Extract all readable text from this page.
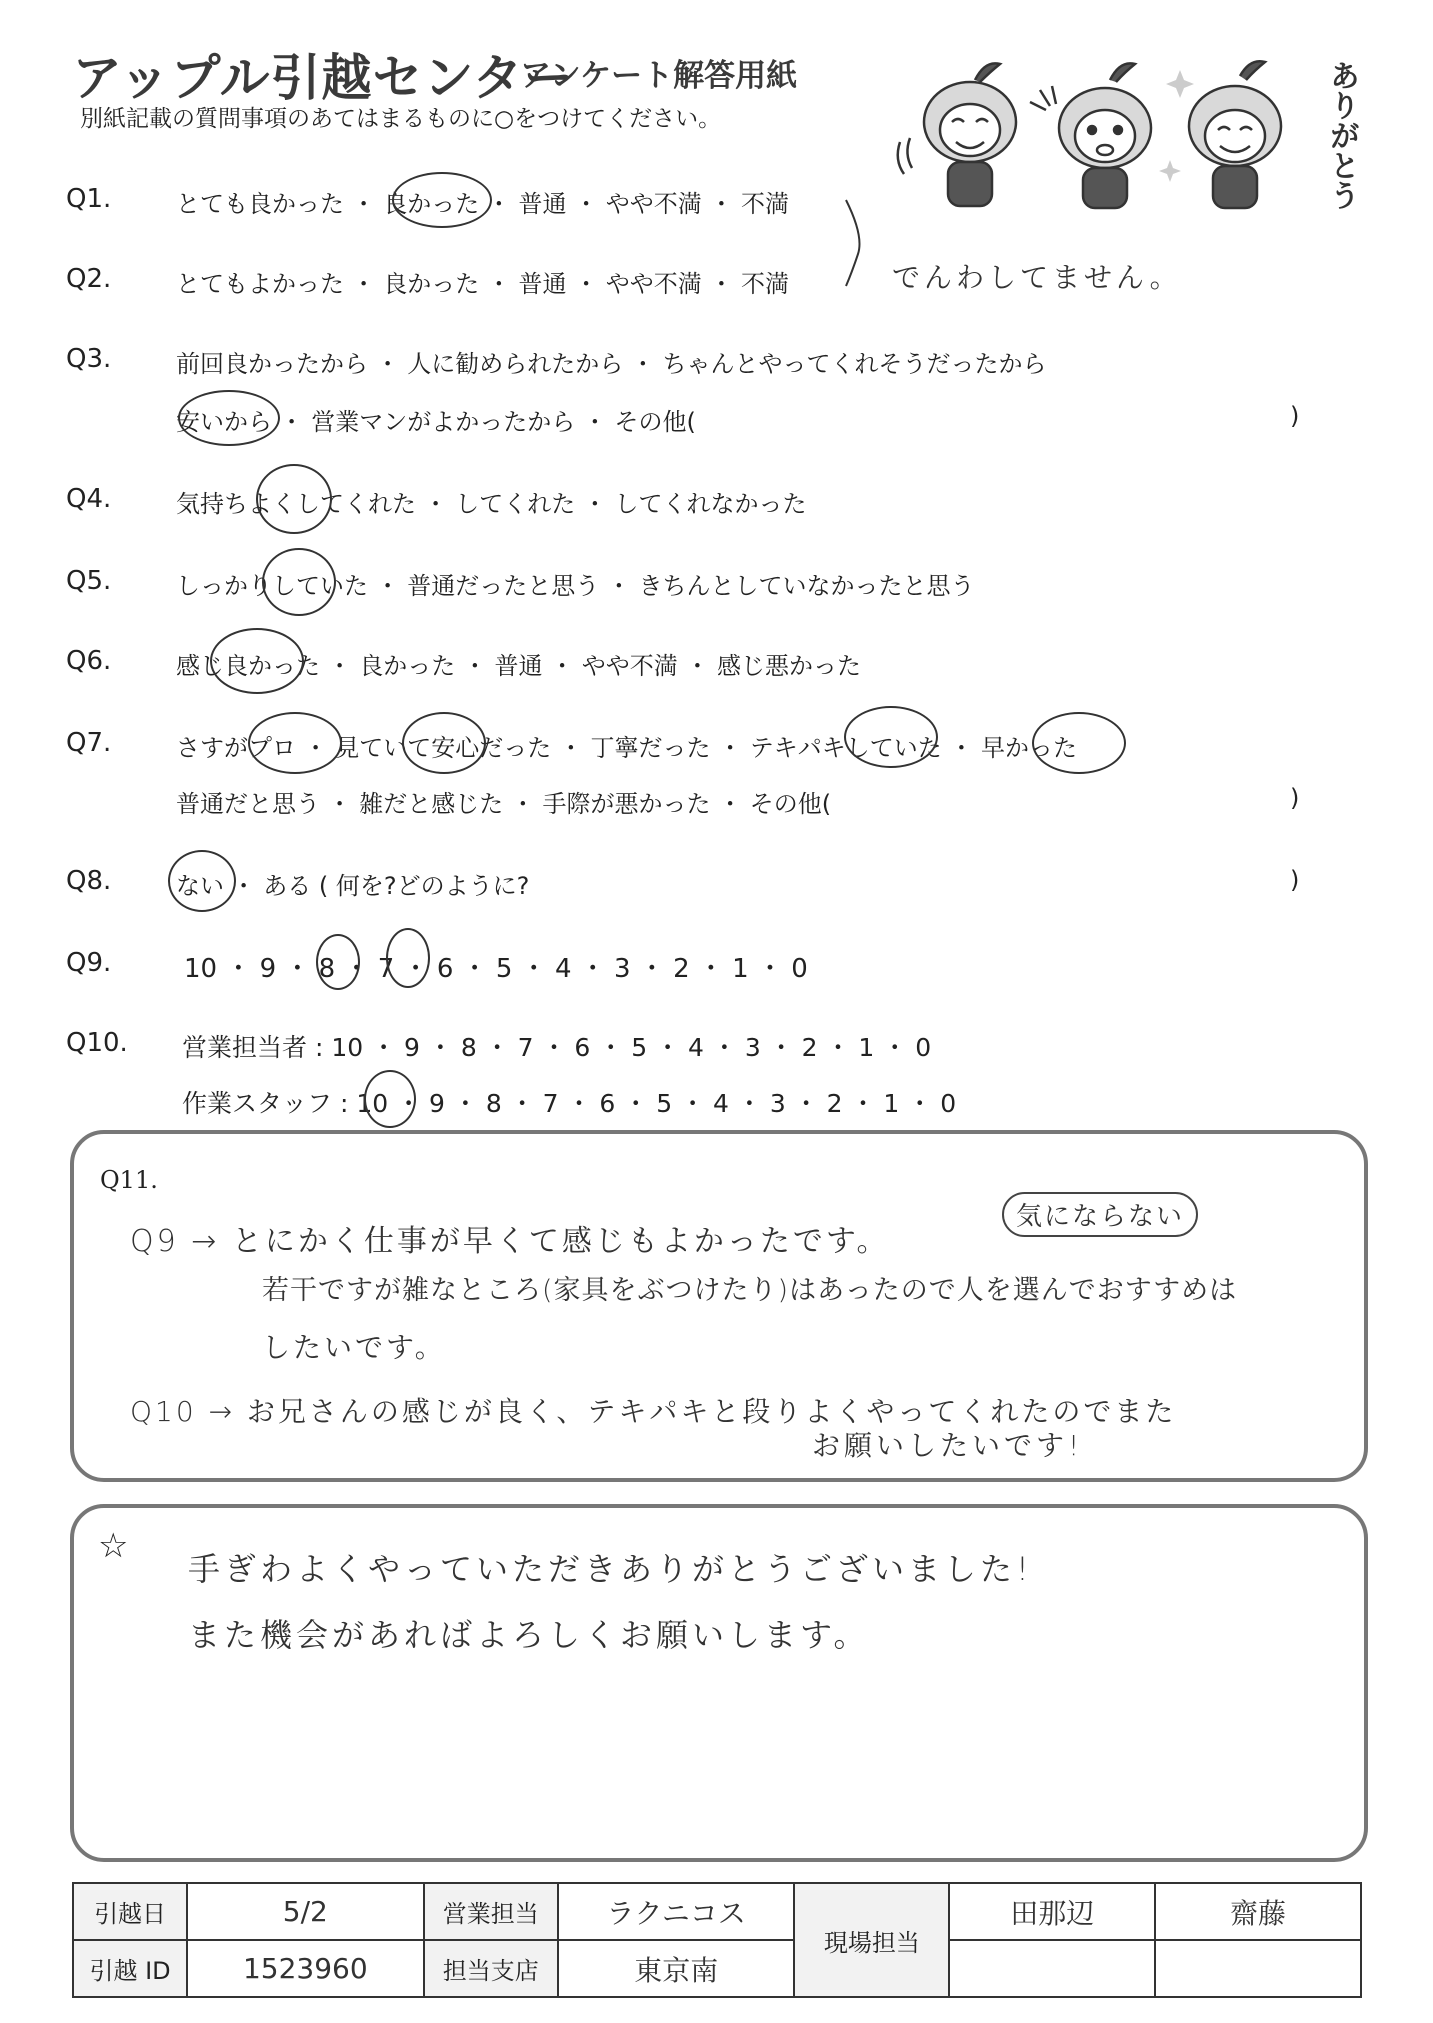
アップル引越センター
アンケート解答用紙
別紙記載の質問事項のあてはまるものに○をつけてください。	ありがとう
Q1.	とても良かった ・ 良かった ・ 普通 ・ やや不満 ・ 不満
Q2.	とてもよかった ・ 良かった ・ 普通 ・ やや不満 ・ 不満
Q3.	前回良かったから ・ 人に勧められたから ・ ちゃんとやってくれそうだったから
安いから ・ 営業マンがよかったから ・ その他(	)
Q4.	気持ちよくしてくれた ・ してくれた ・ してくれなかった
Q5.	しっかりしていた ・ 普通だったと思う ・ きちんとしていなかったと思う
Q6.	感じ良かった ・ 良かった ・ 普通 ・ やや不満 ・ 感じ悪かった
Q7.	さすがプロ ・ 見ていて安心だった ・ 丁寧だった ・ テキパキしていた ・ 早かった
普通だと思う ・ 雑だと感じた ・ 手際が悪かった ・ その他(	)
Q8.	ない ・ ある ( 何を?どのように?	)
Q9.	10 ・ 9 ・ 8 ・ 7 ・ 6 ・ 5 ・ 4 ・ 3 ・ 2 ・ 1 ・ 0
Q10. 営業担当者 : 10 ・ 9 ・ 8 ・ 7 ・ 6 ・ 5 ・ 4 ・ 3 ・ 2 ・ 1 ・ 0
作業スタッフ : 10 ・ 9 ・ 8 ・ 7 ・ 6 ・ 5 ・ 4 ・ 3 ・ 2 ・ 1 ・ 0
でんわしてません。
Q11.
Q9 → とにかく仕事が早くて感じもよかったです。
気にならない
若干ですが雑なところ(家具をぶつけたり)はあったので人を選んでおすすめは
したいです。
Q10 → お兄さんの感じが良く、テキパキと段りよくやってくれたのでまた
お願いしたいです!
☆
手ぎわよくやっていただきありがとうございました!
また機会があればよろしくお願いします。
引越日	5/2	営業担当	ラクニコス	現場担当	田那辺	齋藤
引越 ID	1523960	担当支店	東京南			
